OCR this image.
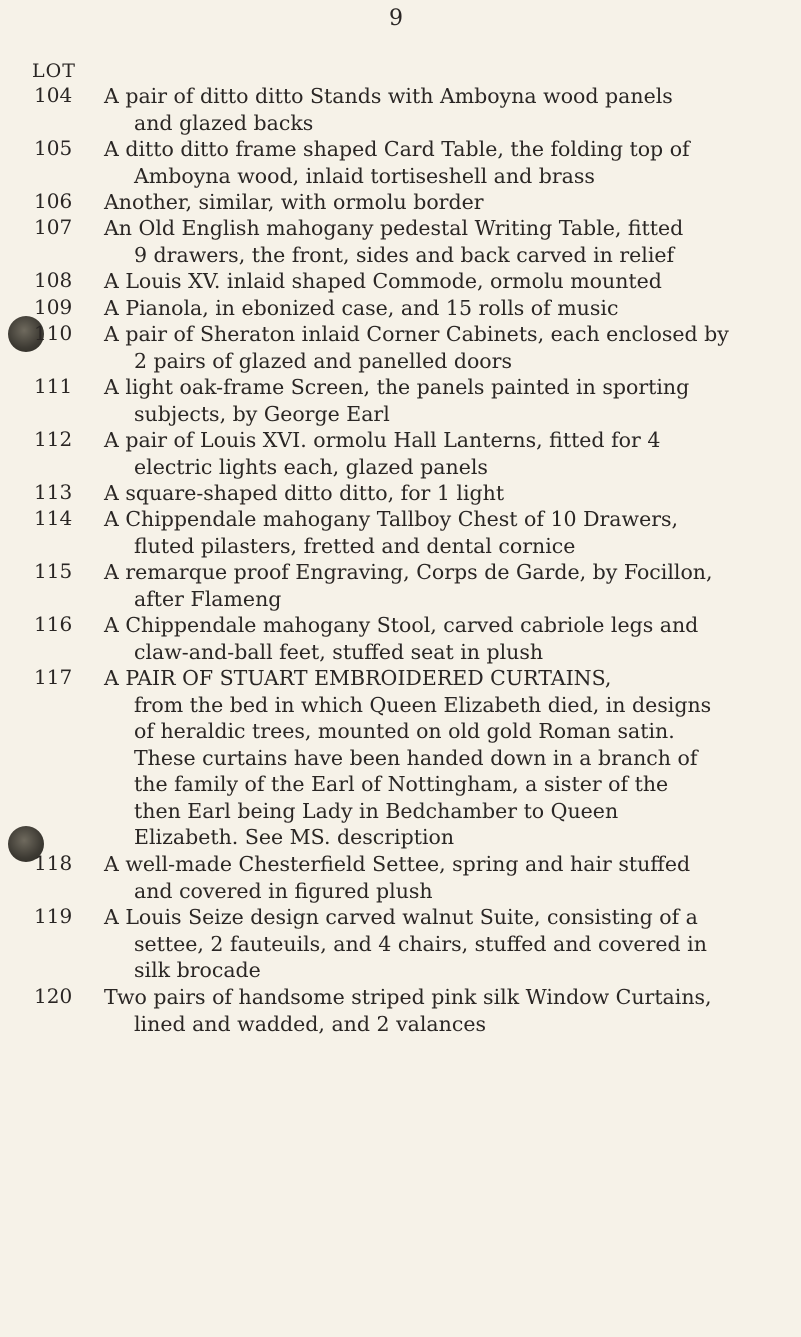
9
LOT
104 A pair of ditto ditto Stands with Amboyna wood panels
and glazed backs
105 A ditto ditto frame shaped Card Table, the folding top of
Amboyna wood, inlaid tortiseshell and brass
106 Another, similar, with ormolu border
107 An Old English mahogany pedestal Writing Table, fitted
9 drawers, the front, sides and back carved in relief
108 A Louis XV. inlaid shaped Commode, ormolu mounted
109 A Pianola, in ebonized case, and 15 rolls of music
110 A pair of Sheraton inlaid Corner Cabinets, each enclosed by
2 pairs of glazed and panelled doors
111 A light oak-frame Screen, the panels painted in sporting
subjects, by George Earl
112 A pair of Louis XVI. ormolu Hall Lanterns, fitted for 4
electric lights each, glazed panels
113 A square-shaped ditto ditto, for 1 light
114 A Chippendale mahogany Tallboy Chest of 10 Drawers,
fluted pilasters, fretted and dental cornice
115 A remarque proof Engraving, Corps de Garde, by Focillon,
after Flameng
116 A Chippendale mahogany Stool, carved cabriole legs and
claw-and-ball feet, stuffed seat in plush
117 A PAIR OF STUART EMBROIDERED CURTAINS,
from the bed in which Queen Elizabeth died, in designs
of heraldic trees, mounted on old gold Roman satin.
These curtains have been handed down in a branch of
the family of the Earl of Nottingham, a sister of the
then Earl being Lady in Bedchamber to Queen
Elizabeth. See MS. description
118 A well-made Chesterfield Settee, spring and hair stuffed
and covered in figured plush
119 A Louis Seize design carved walnut Suite, consisting of a
settee, 2 fauteuils, and 4 chairs, stuffed and covered in
silk brocade
120 Two pairs of handsome striped pink silk Window Curtains,
lined and wadded, and 2 valances
